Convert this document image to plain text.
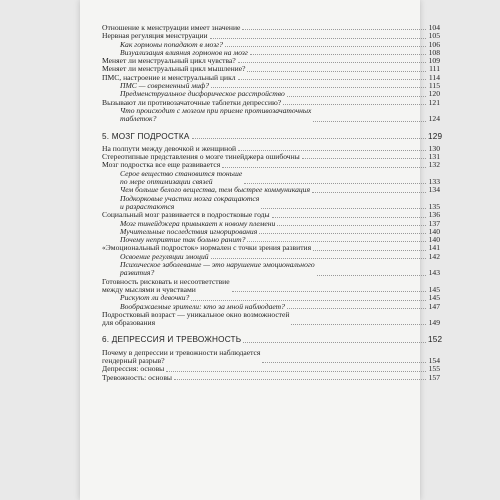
Отношение к менструации имеет значение	104
Нервная регуляция менструации	105
Как гормоны попадают в мозг?	106
Визуализация влияния гормонов на мозг	108
Меняет ли менструальный цикл чувства?	109
Меняет ли менструальный цикл мышление?	111
ПМС, настроение и менструальный цикл	114
ПМС — современный миф?	115
Предменструальное дисфорическое расстройство	120
Вызывают ли противозачаточные таблетки депрессию?	121
Что происходит с мозгом при приеме противозачаточных
таблеток?	124
5. МОЗГ ПОДРОСТКА	129
На полпути между девочкой и женщиной	130
Стереотипные представления о мозге тинейджера ошибочны	131
Мозг подростка все еще развивается	132
Серое вещество становится тоньше
по мере оптимизации связей	133
Чем больше белого вещества, тем быстрее коммуникация	134
Подкорковые участки мозга сокращаются
и разрастаются	135
Социальный мозг развивается в подростковые годы	136
Мозг тинейджера привыкает к новому племени	137
Мучительные последствия игнорирования	140
Почему неприятие так больно ранит?	140
«Эмоциональный подросток» нормален с точки зрения развития	141
Освоение регуляции эмоций	142
Психическое заболевание — это нарушение эмоционального
развития?	143
Готовность рисковать и несоответствие
между мыслями и чувствами	145
Рискуют ли девочки?	145
Воображаемые зрители: кто за мной наблюдает?	147
Подростковый возраст — уникальное окно возможностей
для образования	149
6. ДЕПРЕССИЯ И ТРЕВОЖНОСТЬ	152
Почему в депрессии и тревожности наблюдается
гендерный разрыв?	154
Депрессия: основы	155
Тревожность: основы	157
